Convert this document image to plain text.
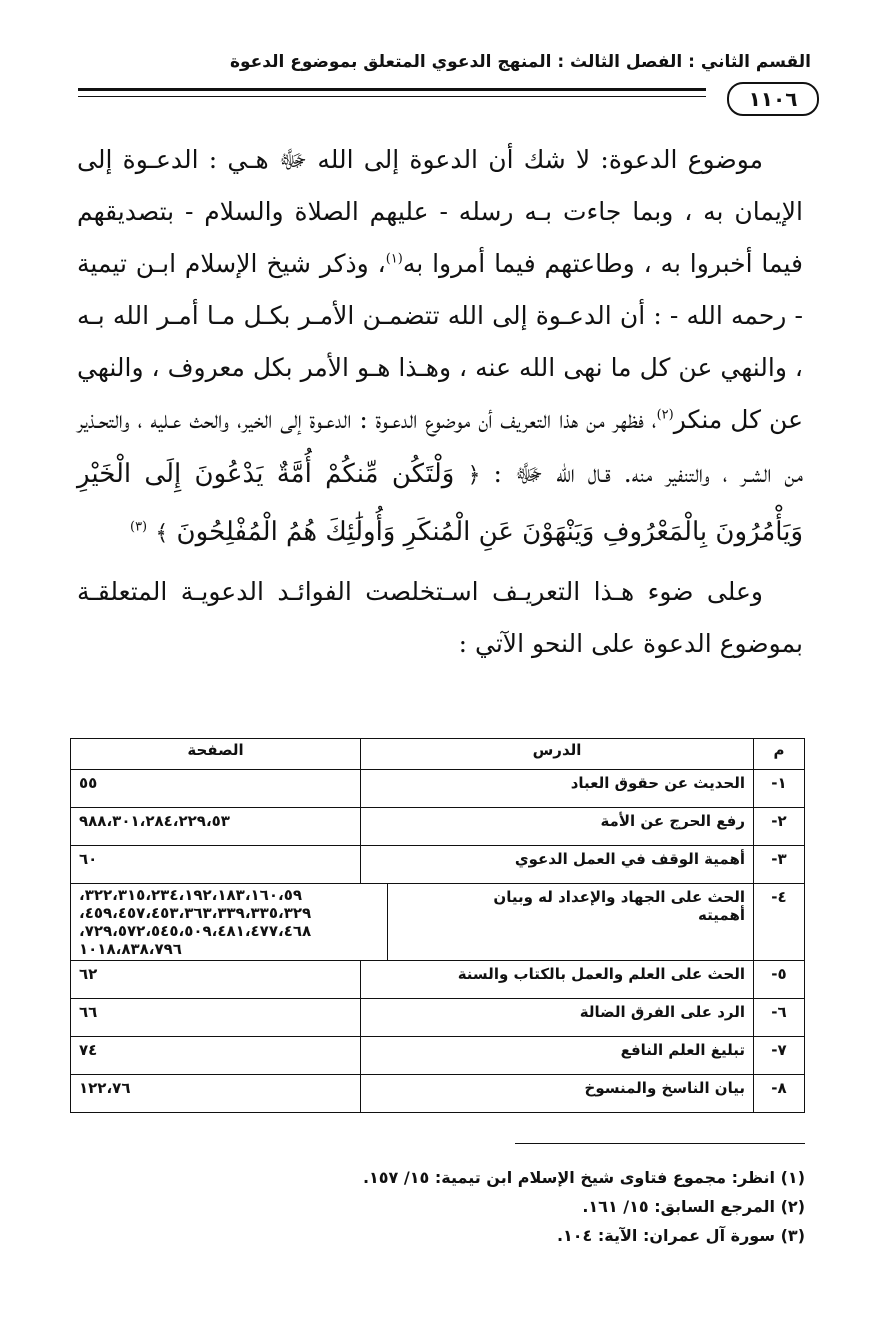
القسم الثاني : الفصل الثالث : المنهج الدعوي المتعلق بموضوع الدعوة
١١٠٦

موضوع الدعوة: لا شك أن الدعوة إلى الله ﷻ هـي : الدعـوة إلى الإيمان به ، وبما جاءت بـه رسله - عليهم الصلاة والسلام - بتصديقهم فيما أخبروا به ، وطاعتهم فيما أمروا به$^{(١)}$، وذكر شيخ الإسلام ابـن تيمية - رحمه الله - : أن الدعـوة إلى الله تتضمـن الأمـر بكـل مـا أمـر الله بـه ، والنهي عن كل ما نهى الله عنه ، وهـذا هـو الأمر بكل معروف ، والنهي عن كل منكر$^{(٢)}$، فظهر من هذا التعريف أن موضوع الدعـوة : الدعـوة إلى الخير، والحث عـليه ، والتحـذير من الشـر ، والتنفير منه. قـال الله ﷻ : ﴿ وَلْتَكُن مِّنكُمْ أُمَّةٌ يَدْعُونَ إِلَى الْخَيْرِ وَيَأْمُرُونَ بِالْمَعْرُوفِ وَيَنْهَوْنَ عَنِ الْمُنكَرِ وَأُولَٰئِكَ هُمُ الْمُفْلِحُونَ ﴾ $^{(٣)}$

وعلى ضوء هـذا التعريـف اسـتخلصت الفوائـد الدعويـة المتعلقـة بموضوع الدعوة على النحو الآتي :

م	الدرس	الصفحة
١-	الحديث عن حقوق العباد	٥٥
٢-	رفع الحرج عن الأمة	٩٨٨،٣٠١،٢٨٤،٢٢٩،٥٣
٣-	أهمية الوقف في العمل الدعوي	٦٠
٤-	الحث على الجهاد والإعداد له وبيان أهميته
٣٢٢،٣١٥،٢٣٤،١٩٢،١٨٣،١٦٠،٥٩،
٤٥٩،٤٥٧،٤٥٣،٣٦٣،٣٣٩،٣٣٥،٣٢٩،
٧٢٩،٥٧٢،٥٤٥،٥٠٩،٤٨١،٤٧٧،٤٦٨،
١٠١٨،٨٣٨،٧٩٦	

٥-	الحث على العلم والعمل بالكتاب والسنة	٦٢
٦-	الرد على الفرق الضالة	٦٦
٧-	تبليغ العلم النافع	٧٤
٨-	بيان الناسخ والمنسوخ	١٢٢،٧٦
(١) انظر: مجموع فتاوى شيخ الإسلام ابن تيمية: ١٥/ ١٥٧.
(٢) المرجع السابق: ١٥/ ١٦١.
(٣) سورة آل عمران: الآية: ١٠٤.
